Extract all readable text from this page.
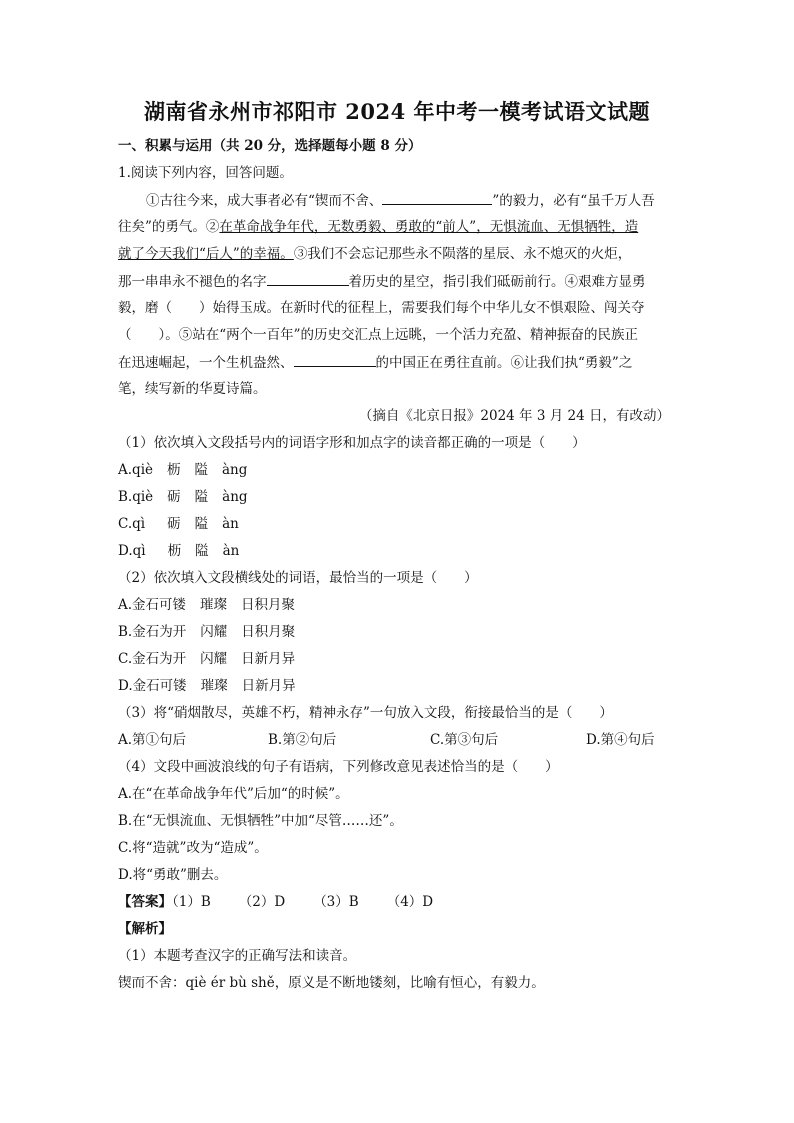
湖南省永州市祁阳市 2024 年中考一模考试语文试题
一、积累与运用（共 20 分，选择题每小题 8 分）
1.阅读下列内容，回答问题。
①古往今来，成大事者必有“锲而不舍、	”的毅力，必有“虽千万人吾
往矣”的勇气。②在革命战争年代，无数勇毅、勇敢的“前人”，无惧流血、无惧牺牲，造
就了今天我们“后人”的幸福。③我们不会忘记那些永不陨落的星辰、永不熄灭的火炬，
那一串串永不褪色的名字	着历史的星空，指引我们砥砺前行。④艰难方显勇
毅，磨（　　）始得玉成。在新时代的征程上，需要我们每个中华儿女不惧艰险、闯关夺
（　　）。⑤站在“两个一百年”的历史交汇点上远眺，一个活力充盈、精神振奋的民族正
在迅速崛起，一个生机盎然、	的中国正在勇往直前。⑥让我们执“勇毅”之
笔，续写新的华夏诗篇。
（摘自《北京日报》2024 年 3 月 24 日，有改动）
（1）依次填入文段括号内的词语字形和加点字的读音都正确的一项是（　　）
A.qiè 枥 隘 àng
B.qiè 砺 隘 àng
C.qì 砺 隘 àn
D.qì 枥 隘 àn
（2）依次填入文段横线处的词语，最恰当的一项是（　　）
A.金石可镂 璀璨 日积月聚
B.金石为开 闪耀 日积月聚
C.金石为开 闪耀 日新月异
D.金石可镂 璀璨 日新月异
（3）将“硝烟散尽，英雄不朽，精神永存”一句放入文段，衔接最恰当的是（　　）
A.第①句后	B.第②句后	C.第③句后	D.第④句后
（4）文段中画波浪线的句子有语病，下列修改意见表述恰当的是（　　）
A.在“在革命战争年代”后加“的时候”。
B.在“无惧流血、无惧牺牲”中加“尽管……还”。
C.将“造就”改为“造成”。
D.将“勇敢”删去。
【答案】（1）B （2）D （3）B （4）D
【解析】
（1）本题考查汉字的正确写法和读音。
锲而不舍：qiè ér bù shě，原义是不断地镂刻，比喻有恒心，有毅力。
